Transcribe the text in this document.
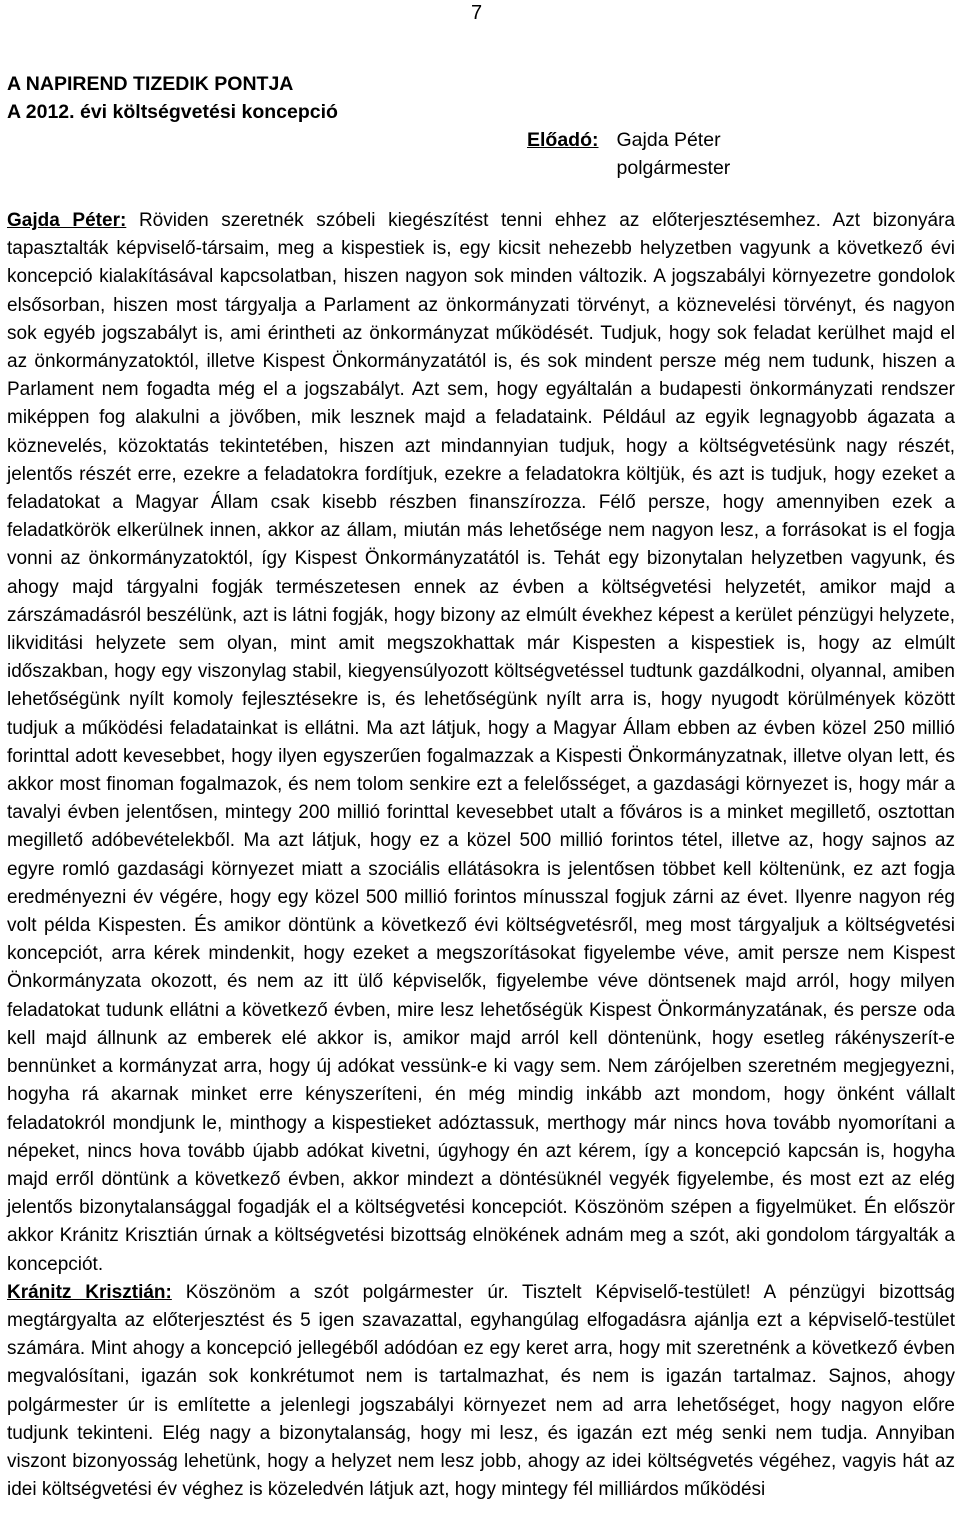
7
A NAPIREND TIZEDIK PONTJA
A 2012. évi költségvetési koncepció
Előadó: Gajda Péter
polgármester

Gajda Péter: Röviden szeretnék szóbeli kiegészítést tenni ehhez az előterjesztésemhez. Azt bizonyára tapasztalták képviselő-társaim, meg a kispestiek is, egy kicsit nehezebb helyzetben vagyunk a következő évi koncepció kialakításával kapcsolatban, hiszen nagyon sok minden változik. A jogszabályi környezetre gondolok elsősorban, hiszen most tárgyalja a Parlament az önkormányzati törvényt, a köznevelési törvényt, és nagyon sok egyéb jogszabályt is, ami érintheti az önkormányzat működését. Tudjuk, hogy sok feladat kerülhet majd el az önkormányzatoktól, illetve Kispest Önkormányzatától is, és sok mindent persze még nem tudunk, hiszen a Parlament nem fogadta még el a jogszabályt. Azt sem, hogy egyáltalán a budapesti önkormányzati rendszer miképpen fog alakulni a jövőben, mik lesznek majd a feladataink. Például az egyik legnagyobb ágazata a köznevelés, közoktatás tekintetében, hiszen azt mindannyian tudjuk, hogy a költségvetésünk nagy részét, jelentős részét erre, ezekre a feladatokra fordítjuk, ezekre a feladatokra költjük, és azt is tudjuk, hogy ezeket a feladatokat a Magyar Állam csak kisebb részben finanszírozza. Félő persze, hogy amennyiben ezek a feladatkörök elkerülnek innen, akkor az állam, miután más lehetősége nem nagyon lesz, a forrásokat is el fogja vonni az önkormányzatoktól, így Kispest Önkormányzatától is. Tehát egy bizonytalan helyzetben vagyunk, és ahogy majd tárgyalni fogják természetesen ennek az évben a költségvetési helyzetét, amikor majd a zárszámadásról beszélünk, azt is látni fogják, hogy bizony az elmúlt évekhez képest a kerület pénzügyi helyzete, likviditási helyzete sem olyan, mint amit megszokhattak már Kispesten a kispestiek is, hogy az elmúlt időszakban, hogy egy viszonylag stabil, kiegyensúlyozott költségvetéssel tudtunk gazdálkodni, olyannal, amiben lehetőségünk nyílt komoly fejlesztésekre is, és lehetőségünk nyílt arra is, hogy nyugodt körülmények között tudjuk a működési feladatainkat is ellátni. Ma azt látjuk, hogy a Magyar Állam ebben az évben közel 250 millió forinttal adott kevesebbet, hogy ilyen egyszerűen fogalmazzak a Kispesti Önkormányzatnak, illetve olyan lett, és akkor most finoman fogalmazok, és nem tolom senkire ezt a felelősséget, a gazdasági környezet is, hogy már a tavalyi évben jelentősen, mintegy 200 millió forinttal kevesebbet utalt a főváros is a minket megillető, osztottan megillető adóbevételekből. Ma azt látjuk, hogy ez a közel 500 millió forintos tétel, illetve az, hogy sajnos az egyre romló gazdasági környezet miatt a szociális ellátásokra is jelentősen többet kell költenünk, ez azt fogja eredményezni év végére, hogy egy közel 500 millió forintos mínusszal fogjuk zárni az évet. Ilyenre nagyon rég volt példa Kispesten. És amikor döntünk a következő évi költségvetésről, meg most tárgyaljuk a költségvetési koncepciót, arra kérek mindenkit, hogy ezeket a megszorításokat figyelembe véve, amit persze nem Kispest Önkormányzata okozott, és nem az itt ülő képviselők, figyelembe véve döntsenek majd arról, hogy milyen feladatokat tudunk ellátni a következő évben, mire lesz lehetőségük Kispest Önkormányzatának, és persze oda kell majd állnunk az emberek elé akkor is, amikor majd arról kell döntenünk, hogy esetleg rákényszerít-e bennünket a kormányzat arra, hogy új adókat vessünk-e ki vagy sem. Nem zárójelben szeretném megjegyezni, hogyha rá akarnak minket erre kényszeríteni, én még mindig inkább azt mondom, hogy önként vállalt feladatokról mondjunk le, minthogy a kispestieket adóztassuk, merthogy már nincs hova tovább nyomorítani a népeket, nincs hova tovább újabb adókat kivetni, úgyhogy én azt kérem, így a koncepció kapcsán is, hogyha majd erről döntünk a következő évben, akkor mindezt a döntésüknél vegyék figyelembe, és most ezt az elég jelentős bizonytalansággal fogadják el a költségvetési koncepciót. Köszönöm szépen a figyelmüket. Én először akkor Kránitz Krisztián úrnak a költségvetési bizottság elnökének adnám meg a szót, aki gondolom tárgyalták a koncepciót.

Kránitz Krisztián: Köszönöm a szót polgármester úr. Tisztelt Képviselő-testület! A pénzügyi bizottság megtárgyalta az előterjesztést és 5 igen szavazattal, egyhangúlag elfogadásra ajánlja ezt a képviselő-testület számára. Mint ahogy a koncepció jellegéből adódóan ez egy keret arra, hogy mit szeretnénk a következő évben megvalósítani, igazán sok konkrétumot nem is tartalmazhat, és nem is igazán tartalmaz. Sajnos, ahogy polgármester úr is említette a jelenlegi jogszabályi környezet nem ad arra lehetőséget, hogy nagyon előre tudjunk tekinteni. Elég nagy a bizonytalanság, hogy mi lesz, és igazán ezt még senki nem tudja. Annyiban viszont bizonyosság lehetünk, hogy a helyzet nem lesz jobb, ahogy az idei költségvetés végéhez, vagyis hát az idei költségvetési év véghez is közeledvén látjuk azt, hogy mintegy fél milliárdos működési
